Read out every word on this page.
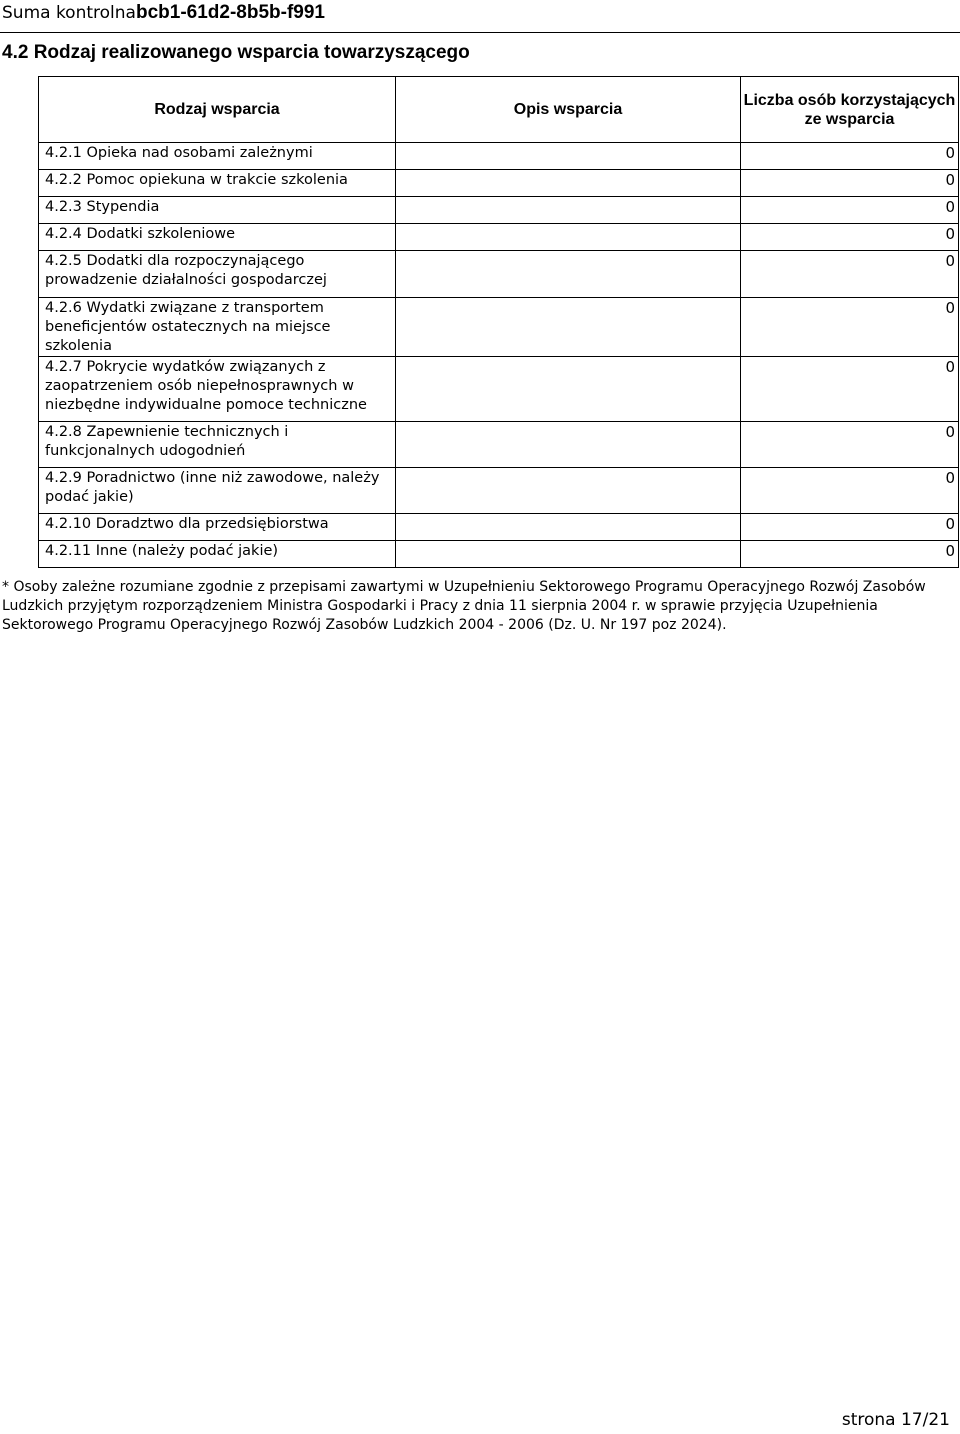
Suma kontrolnabcb1-61d2-8b5b-f991
4.2 Rodzaj realizowanego wsparcia towarzyszącego
Rodzaj wsparcia	Opis wsparcia	Liczba osób korzystających ze wsparcia
4.2.1 Opieka nad osobami zależnymi		0
4.2.2 Pomoc opiekuna w trakcie szkolenia		0
4.2.3 Stypendia		0
4.2.4 Dodatki szkoleniowe		0
4.2.5 Dodatki dla rozpoczynającego prowadzenie działalności gospodarczej		0
4.2.6 Wydatki związane z transportem beneficjentów ostatecznych na miejsce szkolenia		0
4.2.7 Pokrycie wydatków związanych z zaopatrzeniem osób niepełnosprawnych w niezbędne indywidualne pomoce techniczne		0
4.2.8 Zapewnienie technicznych i funkcjonalnych udogodnień		0
4.2.9 Poradnictwo (inne niż zawodowe, należy podać jakie)		0
4.2.10 Doradztwo dla przedsiębiorstwa		0
4.2.11 Inne (należy podać jakie)		0
* Osoby zależne rozumiane zgodnie z przepisami zawartymi w Uzupełnieniu Sektorowego Programu Operacyjnego Rozwój Zasobów Ludzkich przyjętym rozporządzeniem Ministra Gospodarki i Pracy z dnia 11 sierpnia 2004 r. w sprawie przyjęcia Uzupełnienia Sektorowego Programu Operacyjnego Rozwój Zasobów Ludzkich 2004 - 2006 (Dz. U. Nr 197 poz 2024).
strona 17/21
